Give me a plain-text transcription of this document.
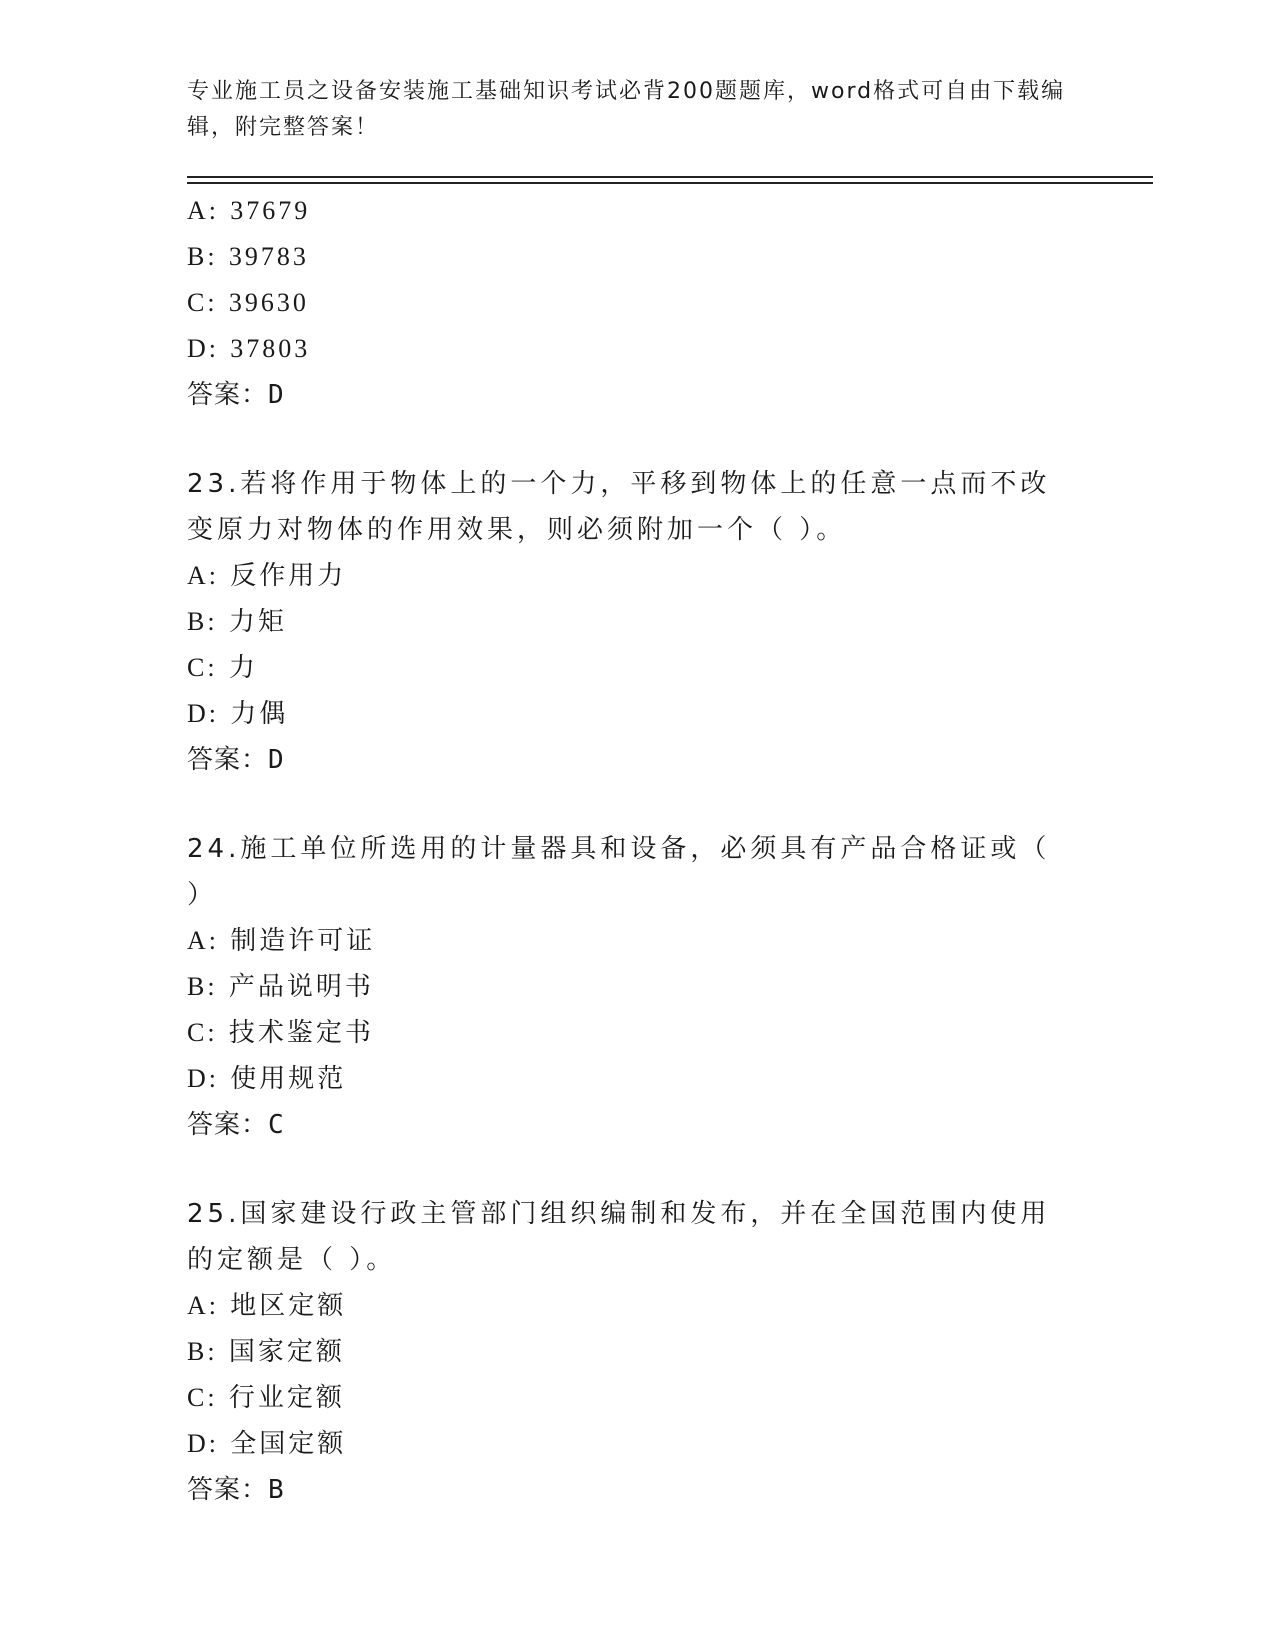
专业施工员之设备安装施工基础知识考试必背200题题库，word格式可自由下载编辑，附完整答案！
A: 37679
B: 39783
C: 39630
D: 37803
答案：D
23.若将作用于物体上的一个力，平移到物体上的任意一点而不改变原力对物体的作用效果，则必须附加一个（ ）。
A: 反作用力
B: 力矩
C: 力
D: 力偶
答案：D
24.施工单位所选用的计量器具和设备，必须具有产品合格证或（ ）
A: 制造许可证
B: 产品说明书
C: 技术鉴定书
D: 使用规范
答案：C
25.国家建设行政主管部门组织编制和发布，并在全国范围内使用的定额是（ ）。
A: 地区定额
B: 国家定额
C: 行业定额
D: 全国定额
答案：B
